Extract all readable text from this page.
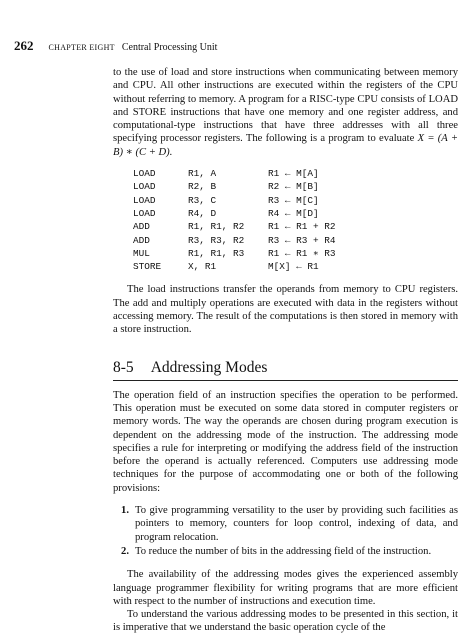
262 CHAPTER EIGHT Central Processing Unit

to the use of load and store instructions when communicating between memory and CPU. All other instructions are executed within the registers of the CPU without referring to memory. A program for a RISC-type CPU consists of LOAD and STORE instructions that have one memory and one register address, and computational-type instructions that have three addresses with all three specifying processor registers. The following is a program to evaluate X = (A + B) ∗ (C + D).

LOAD	R1, A	R1 ← M[A]
LOAD	R2, B	R2 ← M[B]
LOAD	R3, C	R3 ← M[C]
LOAD	R4, D	R4 ← M[D]
ADD	R1, R1, R2	R1 ← R1 + R2
ADD	R3, R3, R2	R3 ← R3 + R4
MUL	R1, R1, R3	R1 ← R1 ∗ R3
STORE	X, R1	M[X] ← R1

The load instructions transfer the operands from memory to CPU registers. The add and multiply operations are executed with data in the registers without accessing memory. The result of the computations is then stored in memory with a store instruction.

8-5 Addressing Modes

The operation field of an instruction specifies the operation to be performed. This operation must be executed on some data stored in computer registers or memory words. The way the operands are chosen during program execution is dependent on the addressing mode of the instruction. The addressing mode specifies a rule for interpreting or modifying the address field of the instruction before the operand is actually referenced. Computers use addressing mode techniques for the purpose of accommodating one or both of the following provisions:

1. To give programming versatility to the user by providing such facilities as pointers to memory, counters for loop control, indexing of data, and program relocation.
2. To reduce the number of bits in the addressing field of the instruction.

The availability of the addressing modes gives the experienced assembly language programmer flexibility for writing programs that are more efficient with respect to the number of instructions and execution time.

To understand the various addressing modes to be presented in this section, it is imperative that we understand the basic operation cycle of the
